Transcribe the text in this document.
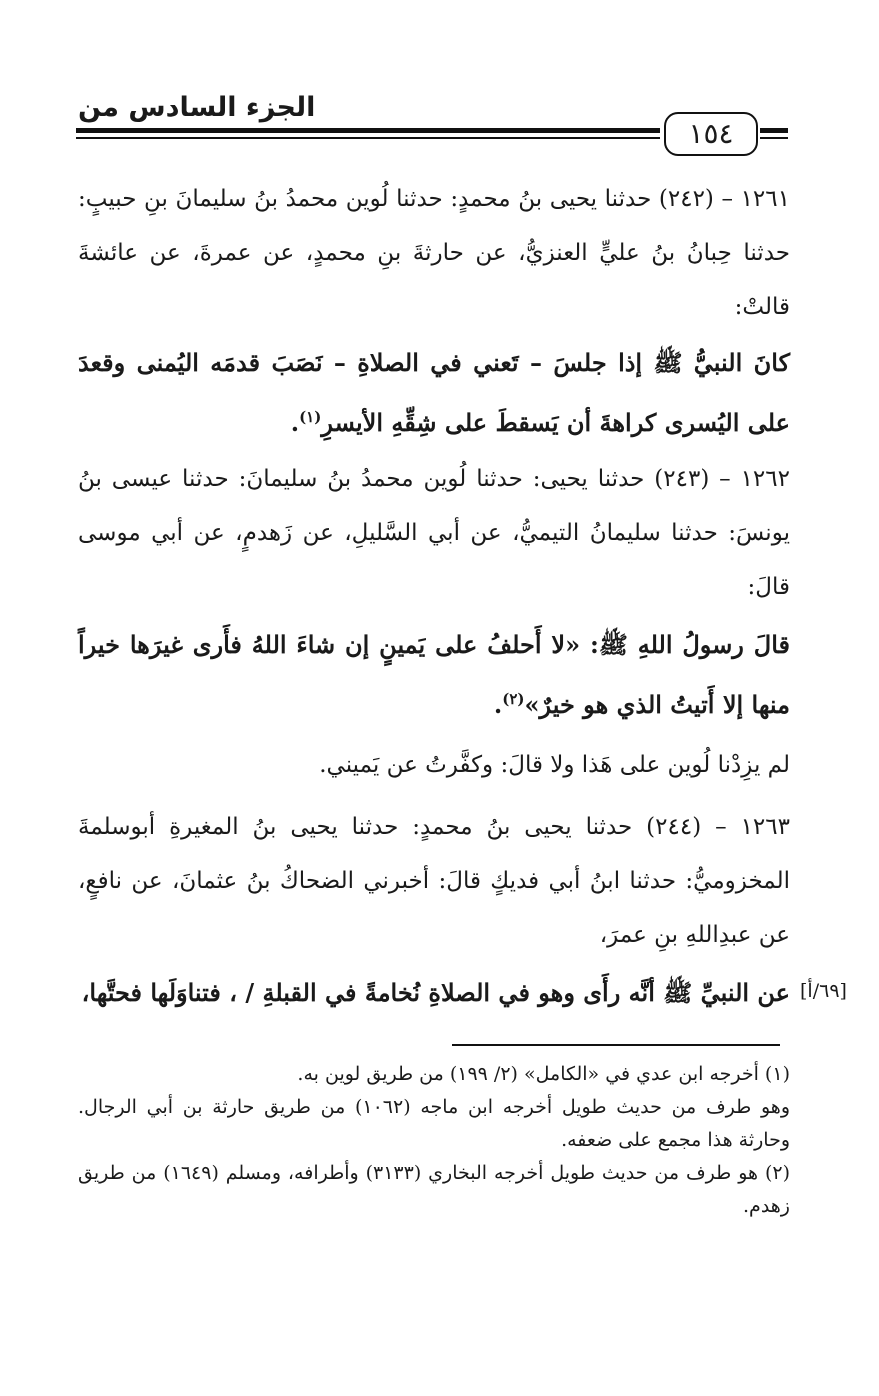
الجزء السادس من
١٥٤
١٢٦١ – (٢٤٢) حدثنا يحيى بنُ محمدٍ: حدثنا لُوين محمدُ بنُ سليمانَ بنِ حبيبٍ: حدثنا حِبانُ بنُ عليٍّ العنزيُّ، عن حارثةَ بنِ محمدٍ، عن عمرةَ، عن عائشةَ قالتْ:
كانَ النبيُّ ﷺ إذا جلسَ – تَعني في الصلاةِ – نَصَبَ قدمَه اليُمنى وقعدَ على اليُسرى كراهةَ أن يَسقطَ على شِقِّهِ الأيسرِ$^{(١)}$.
١٢٦٢ – (٢٤٣) حدثنا يحيى: حدثنا لُوين محمدُ بنُ سليمانَ: حدثنا عيسى بنُ يونسَ: حدثنا سليمانُ التيميُّ، عن أبي السَّليلِ، عن زَهدمٍ، عن أبي موسى قالَ:
قالَ رسولُ اللهِ ﷺ: «لا أَحلفُ على يَمينٍ إن شاءَ اللهُ فأَرى غيرَها خيراً منها إلا أَتيتُ الذي هو خيرٌ»$^{(٢)}$.
لم يزِدْنا لُوين على هَذا ولا قالَ: وكفَّرتُ عن يَميني.
١٢٦٣ – (٢٤٤) حدثنا يحيى بنُ محمدٍ: حدثنا يحيى بنُ المغيرةِ أبوسلمةَ المخزوميُّ: حدثنا ابنُ أبي فديكٍ قالَ: أخبرني الضحاكُ بنُ عثمانَ، عن نافعٍ، عن عبدِاللهِ بنِ عمرَ،
عن النبيِّ ﷺ أنَّه رأَى وهو في الصلاةِ نُخامةً في القبلةِ / ، فتناوَلَها فحتَّها، [٦٩/أ]

(١) أخرجه ابن عدي في «الكامل» (٢/ ١٩٩) من طريق لوين به.

وهو طرف من حديث طويل أخرجه ابن ماجه (١٠٦٢) من طريق حارثة بن أبي الرجال. وحارثة هذا مجمع على ضعفه.

(٢) هو طرف من حديث طويل أخرجه البخاري (٣١٣٣) وأطرافه، ومسلم (١٦٤٩) من طريق زهدم.
